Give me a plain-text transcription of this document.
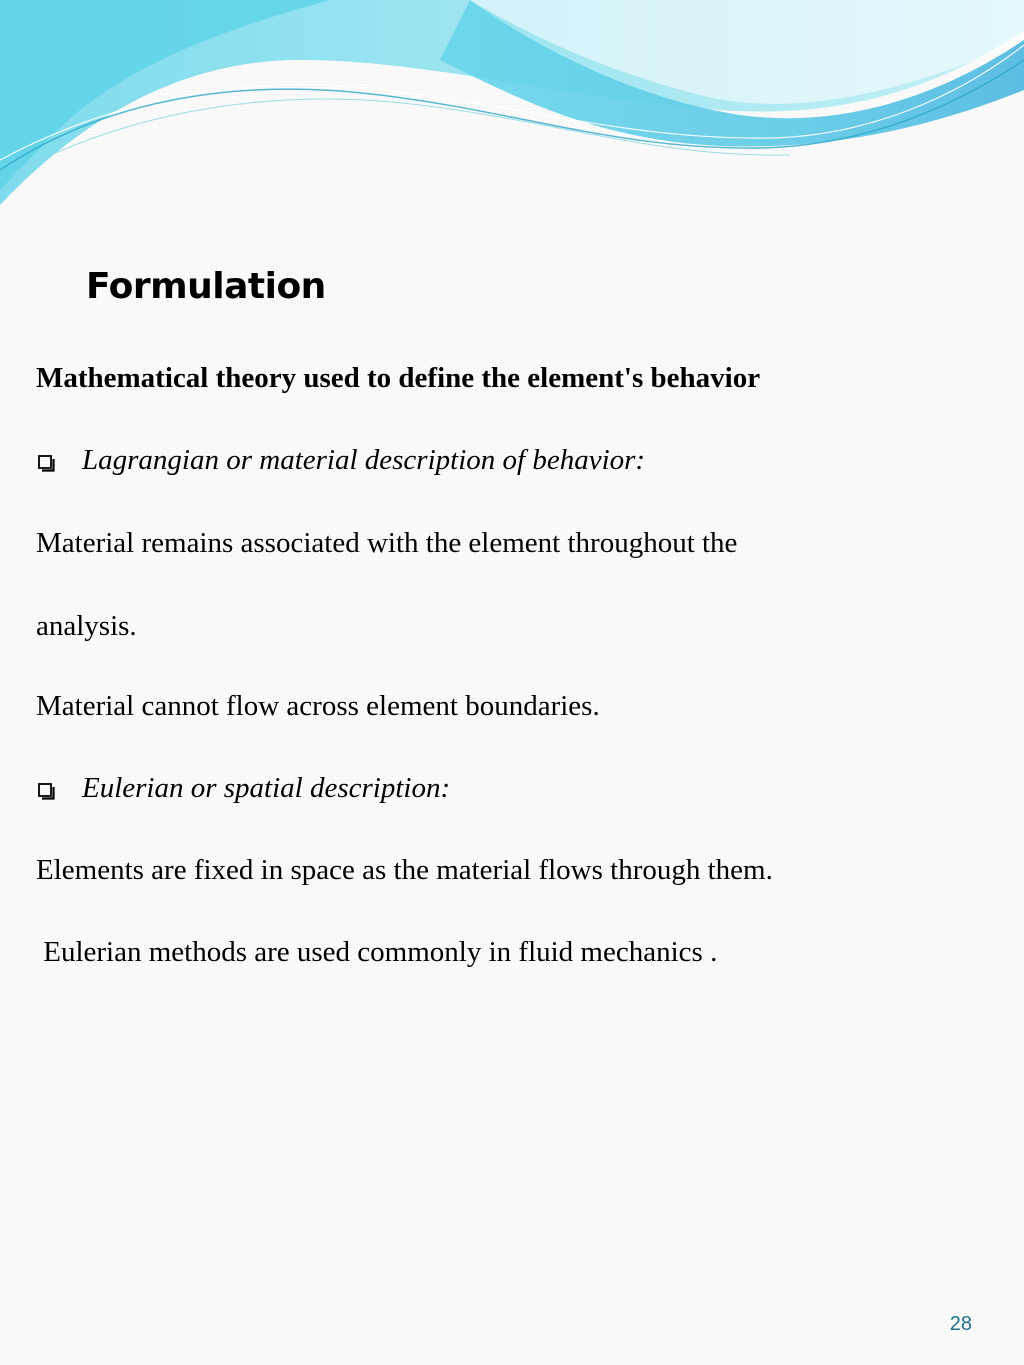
Formulation
Mathematical theory used to define the element's behavior
Lagrangian or material description of behavior:
Material remains associated with the element throughout the
analysis.
Material cannot flow across element boundaries.
Eulerian or spatial description:
Elements are fixed in space as the material flows through them.
Eulerian methods are used commonly in fluid mechanics .
28
